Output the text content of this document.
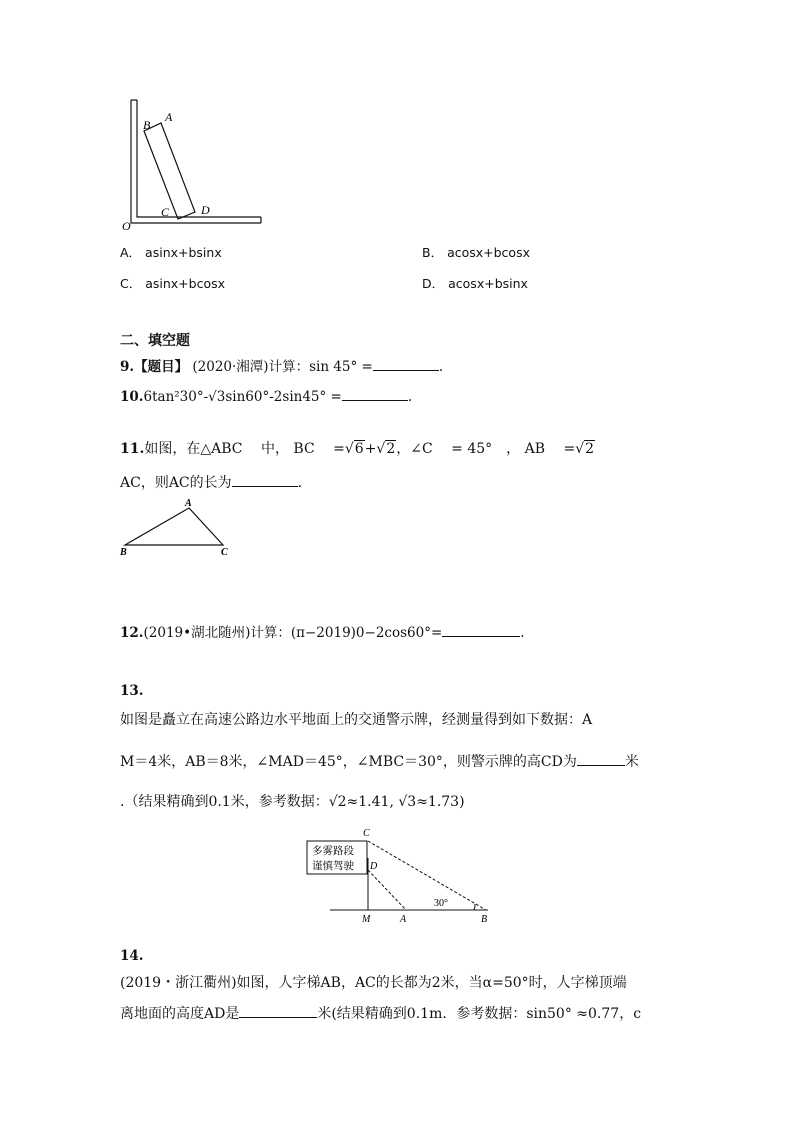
A
B
C	D
O
A． asinx+bsinx	B． acosx+bcosx
C． asinx+bcosx	D． acosx+bsinx
二、填空题
9.【题目】 (2020·湘潭)计算：sin 45° =	.
10.6tan²30°-√3sin60°-2sin45° =	.
11.如图，在△ABC　 中， BC　 =√6+√2，∠C　 = 45°　， AB　 =√2
AC，则AC的长为	.
A
B	C
12.(2019•湖北随州)计算：(π−2019)0−2cos60°=	.
13.
如图是矗立在高速公路边水平地面上的交通警示牌，经测量得到如下数据：A
M＝4米，AB＝8米，∠MAD＝45°，∠MBC＝30°，则警示牌的高CD为	米
.（结果精确到0.1米，参考数据：√2≈1.41, √3≈1.73)
多雾路段
谨慎驾驶
C
D
M	A	B
30°
14.
(2019・浙江衢州)如图，人字梯AB，AC的长都为2米，当α=50°时，人字梯顶端
离地面的高度AD是	米(结果精确到0.1m．参考数据：sin50° ≈0.77，c
